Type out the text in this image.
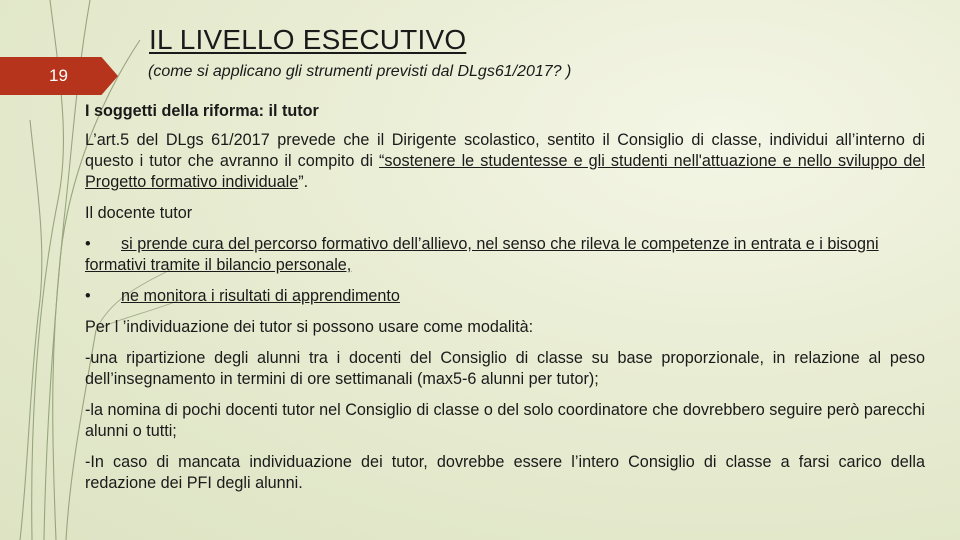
19
IL LIVELLO ESECUTIVO
(come si applicano gli strumenti previsti dal DLgs61/2017? )

I soggetti della riforma: il tutor

L’art.5 del DLgs 61/2017 prevede che il Dirigente scolastico, sentito il Consiglio di classe, individui all’interno di questo i tutor che avranno il compito di “sostenere le studentesse e gli studenti nell'attuazione e nello sviluppo del Progetto formativo individuale”.

Il docente tutor

• si prende cura del percorso formativo dell’allievo, nel senso che rileva le competenze in entrata e i bisogni formativi tramite il bilancio personale,

• ne monitora i risultati di apprendimento

Per l ’individuazione dei tutor si possono usare come modalità:

-una ripartizione degli alunni tra i docenti del Consiglio di classe su base proporzionale, in relazione al peso dell’insegnamento in termini di ore settimanali (max5-6 alunni per tutor);

-la nomina di pochi docenti tutor nel Consiglio di classe o del solo coordinatore che dovrebbero seguire però parecchi alunni o tutti;

-In caso di mancata individuazione dei tutor, dovrebbe essere l’intero Consiglio di classe a farsi carico della redazione dei PFI degli alunni.
